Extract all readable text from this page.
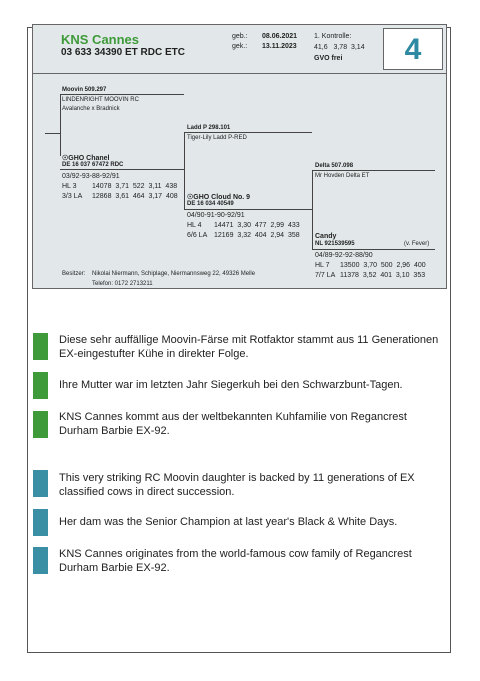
KNS Cannes
03 633 34390 ET RDC ETC
geb.: 08.06.2021
gek.: 13.11.2023
1. Kontrolle:
41,6   3,78  3,14
GVO frei	4
Moovin 509.297
LINDENRIGHT MOOVIN RC
Avalanche x Bradnick
☉GHO Chanel
DE 16 037 67472 RDC
03/92-93-88-92/91
HL 3 14078  3,71  522  3,11  438
3/3 LA 12868  3,61  464  3,17  408
Ladd P 298.101
Tiger-Lily Ladd P-RED
☉GHO Cloud No. 9
DE 16 034 40549
04/90-91-90-92/91
HL 4 14471  3,30  477  2,99  433
6/6 LA 12169  3,32  404  2,94  358
Delta 507.098
Mr Hovden Delta ET
Candy
NL 921539595	(v. Fever)
04/89-92-92-88/90
HL 7 13500  3,70  500  2,96  400
7/7 LA 11378  3,52  401  3,10  353
Besitzer: Nikolai Niermann, Schiplage, Niermannsweg 22, 49326 Melle
Telefon: 0172 2713211
Diese sehr auffällige Moovin-Färse mit Rotfaktor stammt aus 11 Generationen EX-eingestufter Kühe in direkter Folge.
Ihre Mutter war im letzten Jahr Siegerkuh bei den Schwarzbunt-Tagen.
KNS Cannes kommt aus der weltbekannten Kuhfamilie von Regancrest Durham Barbie EX-92.
This very striking RC Moovin daughter is backed by 11 generations of EX classified cows in direct succession.
Her dam was the Senior Champion at last year's Black & White Days.
KNS Cannes originates from the world-famous cow family of Regancrest Durham Barbie EX-92.
